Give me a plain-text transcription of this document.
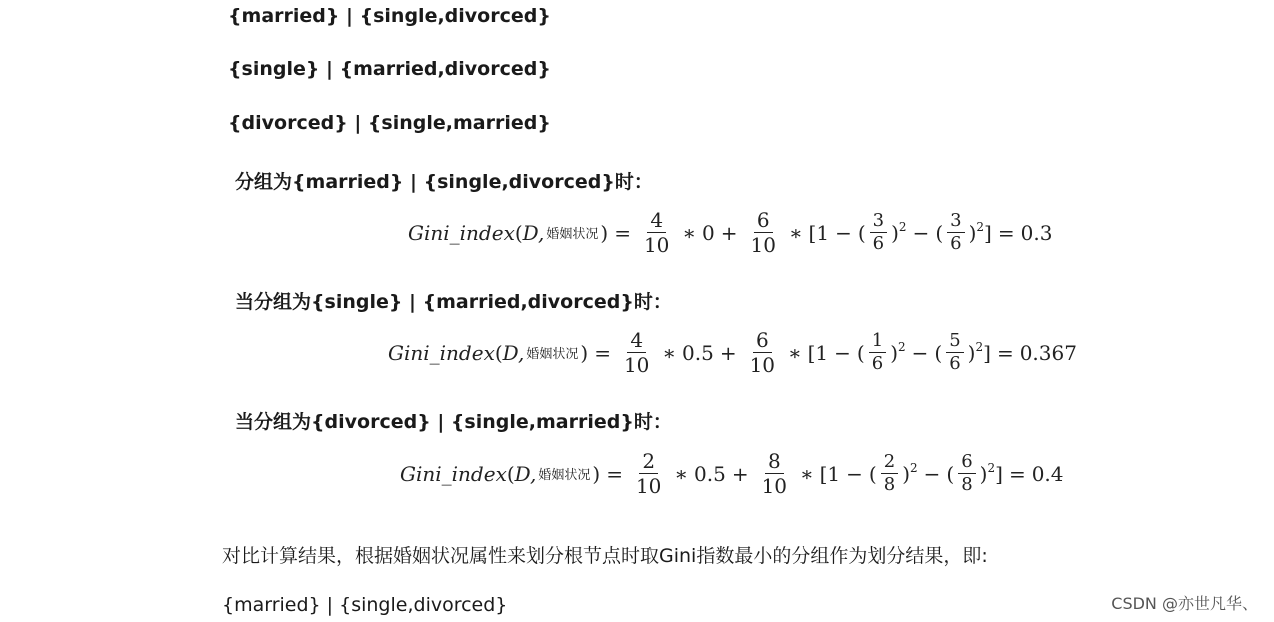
{married} | {single,divorced}
{single} | {married,divorced}
{divorced} | {single,married}
分组为{married} | {single,divorced}时：
Gini_index ( D, 婚姻状况 ) = $\frac{4}{10}$ ∗ $0 + \frac{6}{10}$ ∗ [1 − ( $\frac{3}{6} )^2$ − ( $\frac{3}{6} )^2$ ] = 0.3
当分组为{single} | {married,divorced}时：
Gini_index ( D, 婚姻状况 ) = $\frac{4}{10}$ ∗ $0.5 + \frac{6}{10}$ ∗ [1 − ( $\frac{1}{6} )^2$ − ( $\frac{5}{6} )^2$ ] = 0.367
当分组为{divorced} | {single,married}时：
Gini_index ( D, 婚姻状况 ) = $\frac{2}{10}$ ∗ $0.5 + \frac{8}{10}$ ∗ [1 − ( $\frac{2}{8} )^2$ − ( $\frac{6}{8} )^2$ ] = 0.4
对比计算结果，根据婚姻状况属性来划分根节点时取Gini指数最小的分组作为划分结果，即:
{married} | {single,divorced}	CSDN @亦世凡华、
